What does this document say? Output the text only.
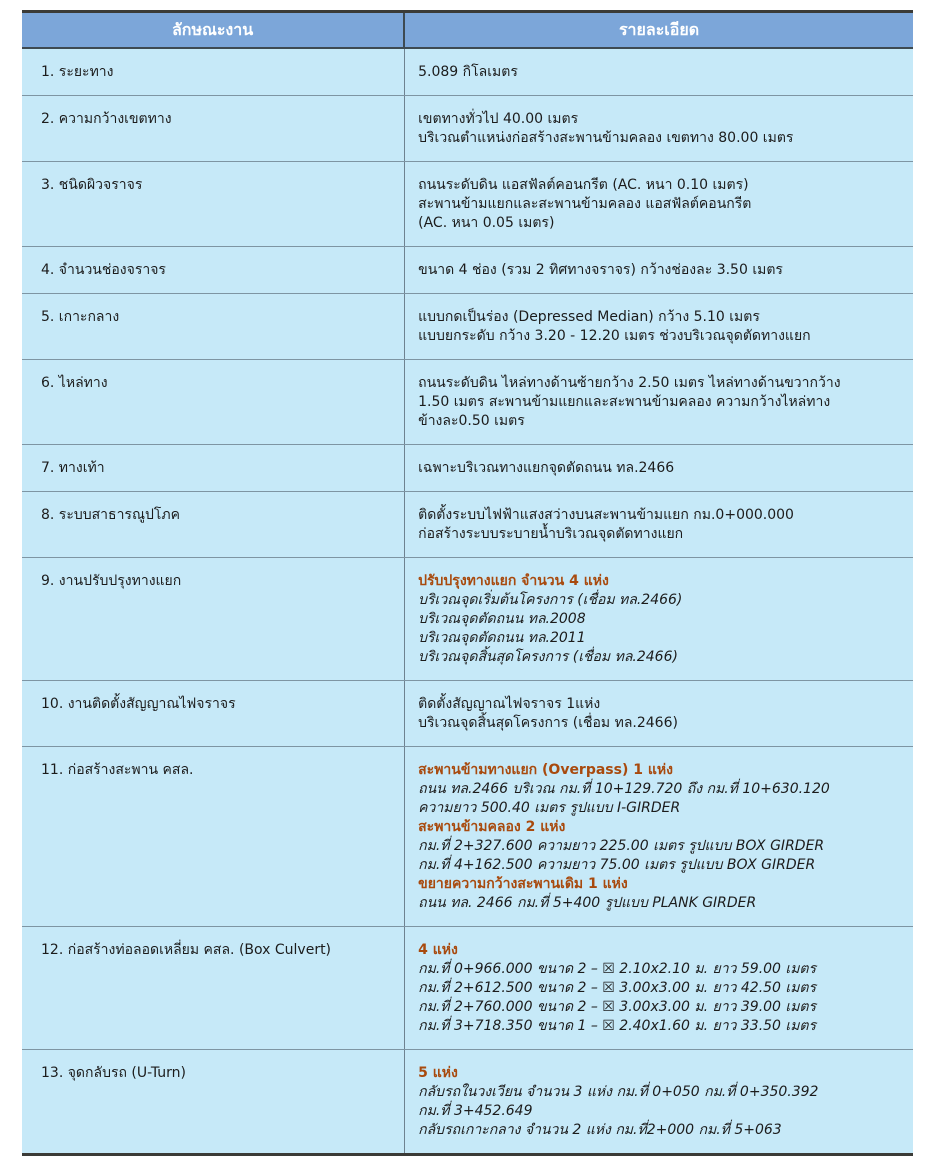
ลักษณะงาน	รายละเอียด
1. ระยะทาง	5.089 กิโลเมตร
2. ความกว้างเขตทาง	เขตทางทั่วไป 40.00 เมตร
บริเวณตำแหน่งก่อสร้างสะพานข้ามคลอง เขตทาง 80.00 เมตร
3. ชนิดผิวจราจร	ถนนระดับดิน แอสฟัลต์คอนกรีต (AC. หนา 0.10 เมตร)
สะพานข้ามแยกและสะพานข้ามคลอง แอสฟัลต์คอนกรีต
(AC. หนา 0.05 เมตร)
4. จำนวนช่องจราจร	ขนาด 4 ช่อง (รวม 2 ทิศทางจราจร) กว้างช่องละ 3.50 เมตร
5. เกาะกลาง	แบบกดเป็นร่อง (Depressed Median) กว้าง 5.10 เมตร
แบบยกระดับ กว้าง 3.20 - 12.20 เมตร ช่วงบริเวณจุดตัดทางแยก
6. ไหล่ทาง	ถนนระดับดิน ไหล่ทางด้านซ้ายกว้าง 2.50 เมตร ไหล่ทางด้านขวากว้าง
1.50 เมตร สะพานข้ามแยกและสะพานข้ามคลอง ความกว้างไหล่ทาง
ข้างละ0.50 เมตร
7. ทางเท้า	เฉพาะบริเวณทางแยกจุดตัดถนน ทล.2466
8. ระบบสาธารณูปโภค	ติดตั้งระบบไฟฟ้าแสงสว่างบนสะพานข้ามแยก กม.0+000.000
ก่อสร้างระบบระบายน้ำบริเวณจุดตัดทางแยก
9. งานปรับปรุงทางแยก	ปรับปรุงทางแยก จำนวน 4 แห่ง
บริเวณจุดเริ่มต้นโครงการ (เชื่อม ทล.2466)
บริเวณจุดตัดถนน ทล.2008
บริเวณจุดตัดถนน ทล.2011
บริเวณจุดสิ้นสุดโครงการ (เชื่อม ทล.2466)
10. งานติดตั้งสัญญาณไฟจราจร	ติดตั้งสัญญาณไฟจราจร 1แห่ง
บริเวณจุดสิ้นสุดโครงการ (เชื่อม ทล.2466)
11. ก่อสร้างสะพาน คสล.	สะพานข้ามทางแยก (Overpass) 1 แห่ง
ถนน ทล.2466 บริเวณ กม.ที่ 10+129.720 ถึง กม.ที่ 10+630.120
ความยาว 500.40 เมตร รูปแบบ I-GIRDER
สะพานข้ามคลอง 2 แห่ง
กม.ที่ 2+327.600 ความยาว 225.00 เมตร รูปแบบ BOX GIRDER
กม.ที่ 4+162.500 ความยาว 75.00 เมตร รูปแบบ BOX GIRDER
ขยายความกว้างสะพานเดิม 1 แห่ง
ถนน ทล. 2466 กม.ที่ 5+400 รูปแบบ PLANK GIRDER
12. ก่อสร้างท่อลอดเหลี่ยม คสล. (Box Culvert)	4 แห่ง
กม.ที่ 0+966.000 ขนาด 2 – ☒ 2.10x2.10 ม. ยาว 59.00 เมตร
กม.ที่ 2+612.500 ขนาด 2 – ☒ 3.00x3.00 ม. ยาว 42.50 เมตร
กม.ที่ 2+760.000 ขนาด 2 – ☒ 3.00x3.00 ม. ยาว 39.00 เมตร
กม.ที่ 3+718.350 ขนาด 1 – ☒ 2.40x1.60 ม. ยาว 33.50 เมตร
13. จุดกลับรถ (U-Turn)	5 แห่ง
กลับรถในวงเวียน จำนวน 3 แห่ง กม.ที่ 0+050 กม.ที่ 0+350.392
กม.ที่ 3+452.649
กลับรถเกาะกลาง จำนวน 2 แห่ง กม.ที่2+000 กม.ที่ 5+063
